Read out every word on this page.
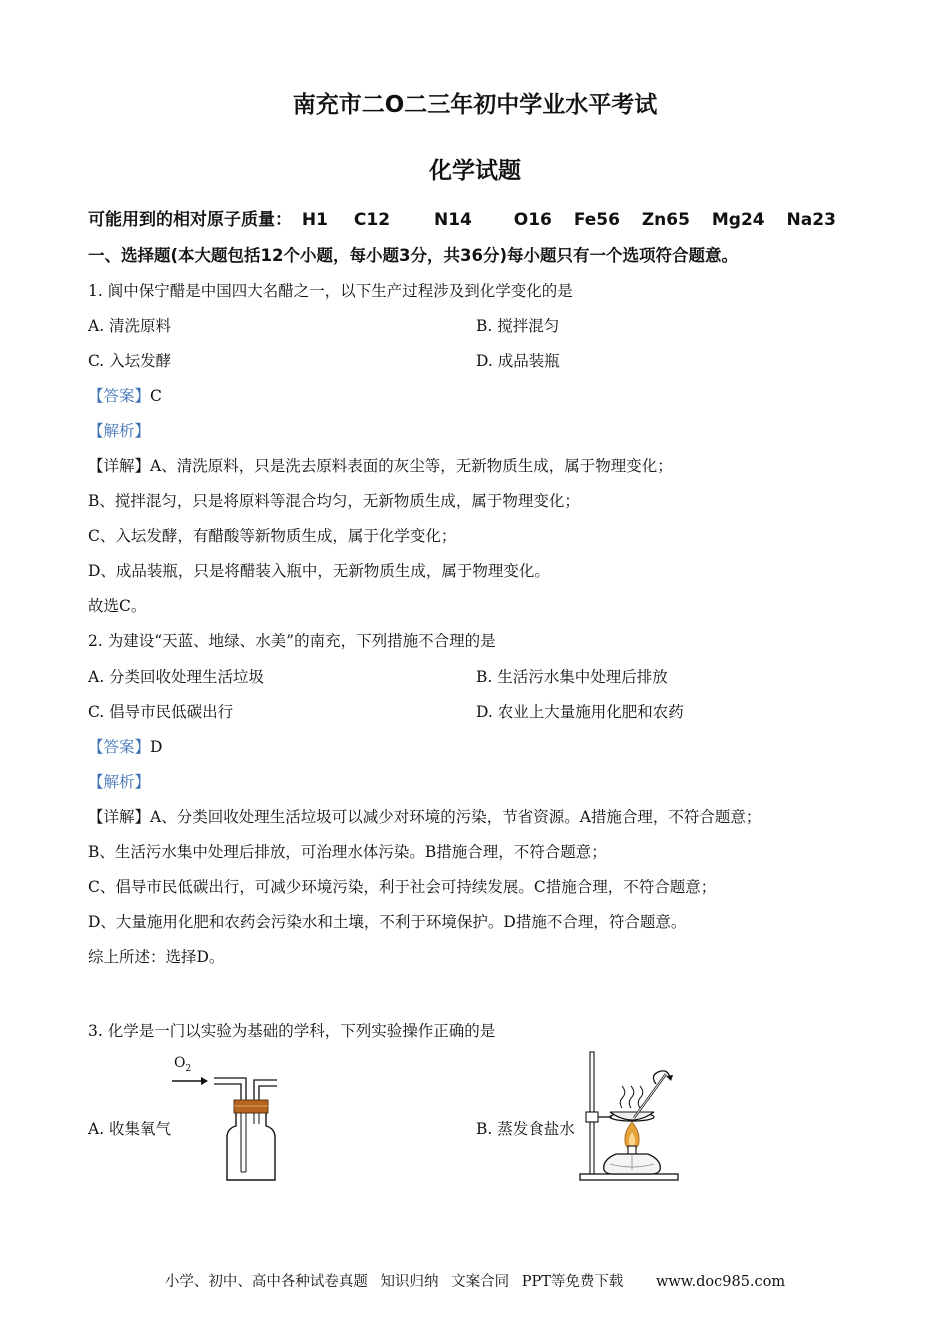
南充市二O二三年初中学业水平考试
化学试题
可能用到的相对原子质量： H1 C12	N14 O16 Fe56 Zn65 Mg24 Na23
一、选择题(本大题包括12个小题，每小题3分，共36分)每小题只有一个选项符合题意。
1. 阆中保宁醋是中国四大名醋之一，以下生产过程涉及到化学变化的是
A. 清洗原料	B. 搅拌混匀
C. 入坛发酵	D. 成品装瓶
【答案】C
【解析】
【详解】A、清洗原料，只是洗去原料表面的灰尘等，无新物质生成，属于物理变化；
B、搅拌混匀，只是将原料等混合均匀，无新物质生成，属于物理变化；
C、入坛发酵，有醋酸等新物质生成，属于化学变化；
D、成品装瓶，只是将醋装入瓶中，无新物质生成，属于物理变化。
故选C。
2. 为建设“天蓝、地绿、水美”的南充，下列措施不合理的是
A. 分类回收处理生活垃圾	B. 生活污水集中处理后排放
C. 倡导市民低碳出行	D. 农业上大量施用化肥和农药
【答案】D
【解析】
【详解】A、分类回收处理生活垃圾可以减少对环境的污染，节省资源。A措施合理，不符合题意；
B、生活污水集中处理后排放，可治理水体污染。B措施合理，不符合题意；
C、倡导市民低碳出行，可减少环境污染，利于社会可持续发展。C措施合理，不符合题意；
D、大量施用化肥和农药会污染水和土壤，不利于环境保护。D措施不合理，符合题意。
综上所述：选择D。
3. 化学是一门以实验为基础的学科，下列实验操作正确的是
A. 收集氧气	B. 蒸发食盐水
$O_2$
小学、初中、高中各种试卷真题 知识归纳 文案合同 PPT等免费下载 www.doc985.com
